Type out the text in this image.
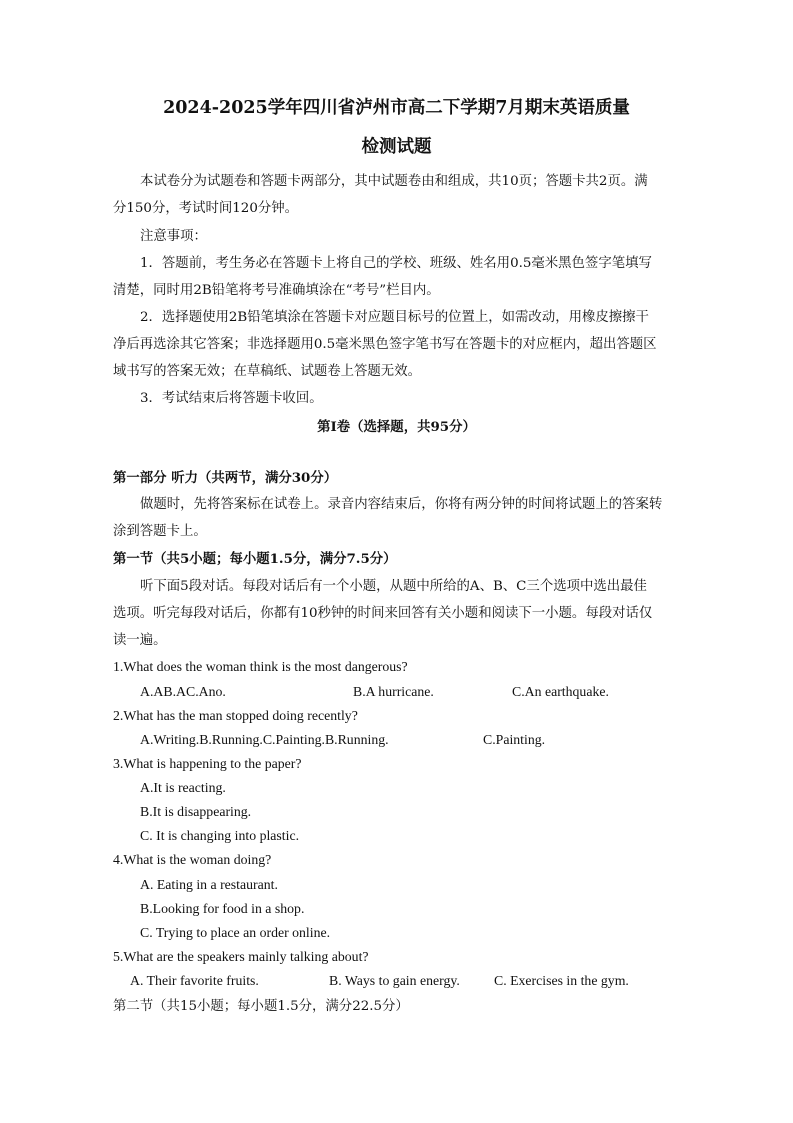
2024-2025学年四川省泸州市高二下学期7月期末英语质量
检测试题
本试卷分为试题卷和答题卡两部分，其中试题卷由和组成，共10页；答题卡共2页。满
分150分，考试时间120分钟。
注意事项：
1．答题前，考生务必在答题卡上将自己的学校、班级、姓名用0.5毫米黑色签字笔填写
清楚，同时用2B铅笔将考号准确填涂在“考号”栏目内。
2．选择题使用2B铅笔填涂在答题卡对应题目标号的位置上，如需改动，用橡皮擦擦干
净后再选涂其它答案；非选择题用0.5毫米黑色签字笔书写在答题卡的对应框内，超出答题区
域书写的答案无效；在草稿纸、试题卷上答题无效。
3．考试结束后将答题卡收回。
第I卷（选择题，共95分）
第一部分 听力（共两节，满分30分）
做题时，先将答案标在试卷上。录音内容结束后，你将有两分钟的时间将试题上的答案转
涂到答题卡上。
第一节（共5小题；每小题1.5分，满分7.5分）
听下面5段对话。每段对话后有一个小题，从题中所给的A、B、C三个选项中选出最佳
选项。听完每段对话后，你都有10秒钟的时间来回答有关小题和阅读下一小题。每段对话仅
读一遍。
1.What does the woman think is the most dangerous?
A.AB.AC.Ano.	B.A hurricane.	C.An earthquake.
2.What has the man stopped doing recently?
A.Writing.B.Running.C.Painting.B.Running.	C.Painting.
3.What is happening to the paper?
A.It is reacting.
B.It is disappearing.
C. It is changing into plastic.
4.What is the woman doing?
A. Eating in a restaurant.
B.Looking for food in a shop.
C. Trying to place an order online.
5.What are the speakers mainly talking about?
A. Their favorite fruits.	B. Ways to gain energy. C. Exercises in the gym.
第二节（共15小题；每小题1.5分，满分22.5分）
